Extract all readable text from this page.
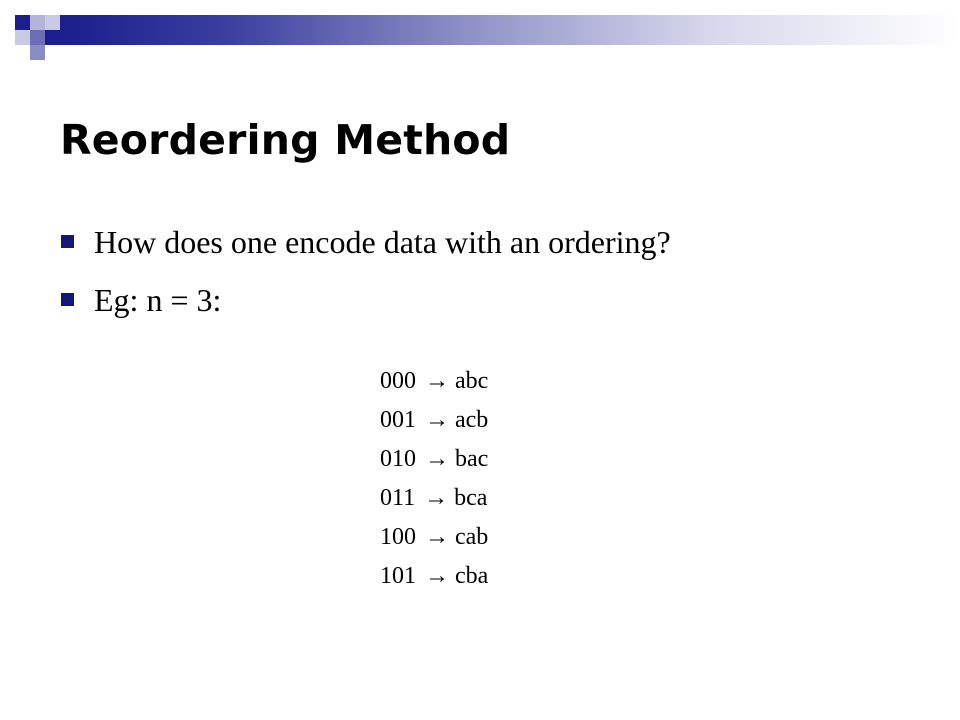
Reordering Method
How does one encode data with an ordering?
Eg: n = 3:
000 → abc
001 → acb
010 → bac
011 → bca
100 → cab
101 → cba
